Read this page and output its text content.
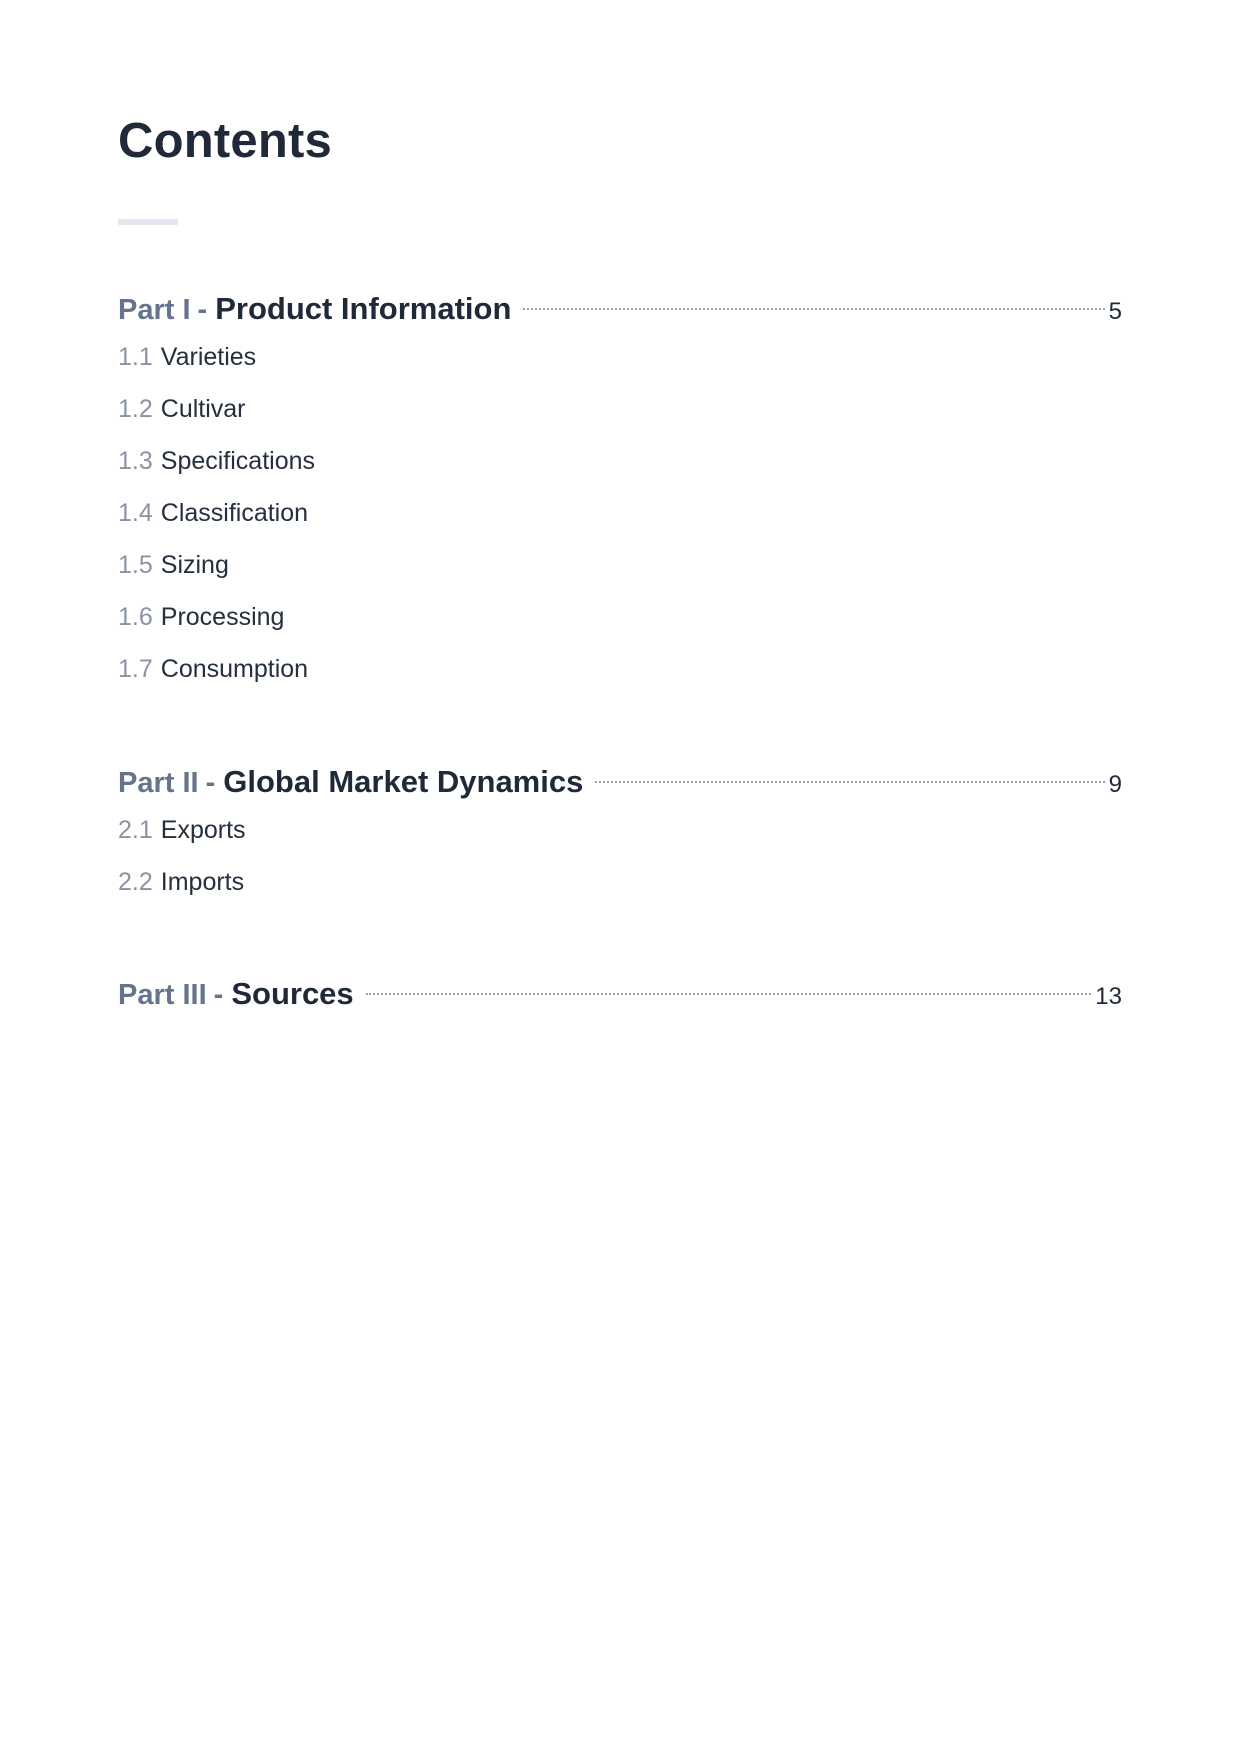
Contents
Part I - Product Information	5
1.1 Varieties
1.2 Cultivar
1.3 Specifications
1.4 Classification
1.5 Sizing
1.6 Processing
1.7 Consumption
Part II - Global Market Dynamics	9
2.1 Exports
2.2 Imports
Part III - Sources	13
